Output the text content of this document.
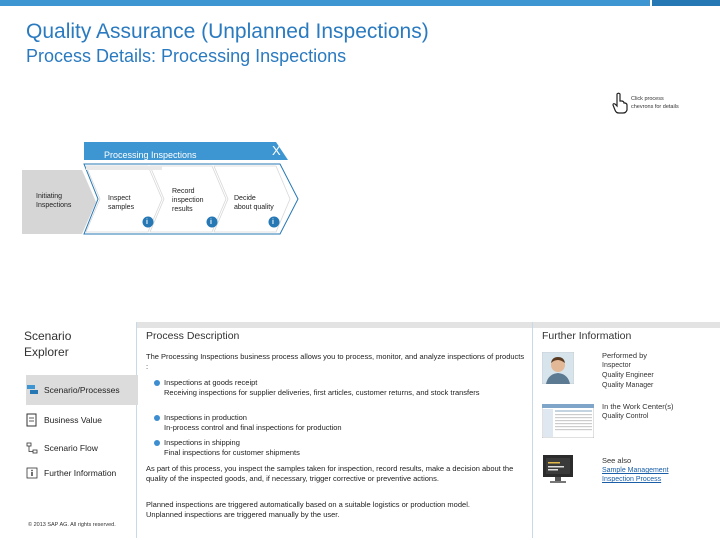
Quality Assurance (Unplanned Inspections)
Process Details: Processing Inspections
Click process
chevrons for details
Processing Inspections	X
Initiating
Inspections
Inspect
samples
Record
inspection
results
Decide
about quality
i	i	i
Scenario
Explorer
Scenario/Processes
Business Value
Scenario Flow
Further Information
© 2013 SAP AG. All rights reserved.
Process Description
The Processing Inspections business process allows you to process, monitor, and analyze inspections of products :
Inspections at goods receipt
Receiving inspections for supplier deliveries, first articles, customer returns, and stock transfers
Inspections in production
In-process control and final inspections for production
Inspections in shipping
Final inspections for customer shipments
As part of this process, you inspect the samples taken for inspection, record results, make a decision about the quality of the inspected goods, and, if necessary, trigger corrective or preventive actions.
Planned inspections are triggered automatically based on a suitable logistics or production model.
Unplanned inspections are triggered manually by the user.
Further Information
Performed by
Inspector
Quality Engineer
Quality Manager
In the Work Center(s)
Quality Control
See also
Sample Management
Inspection Process
